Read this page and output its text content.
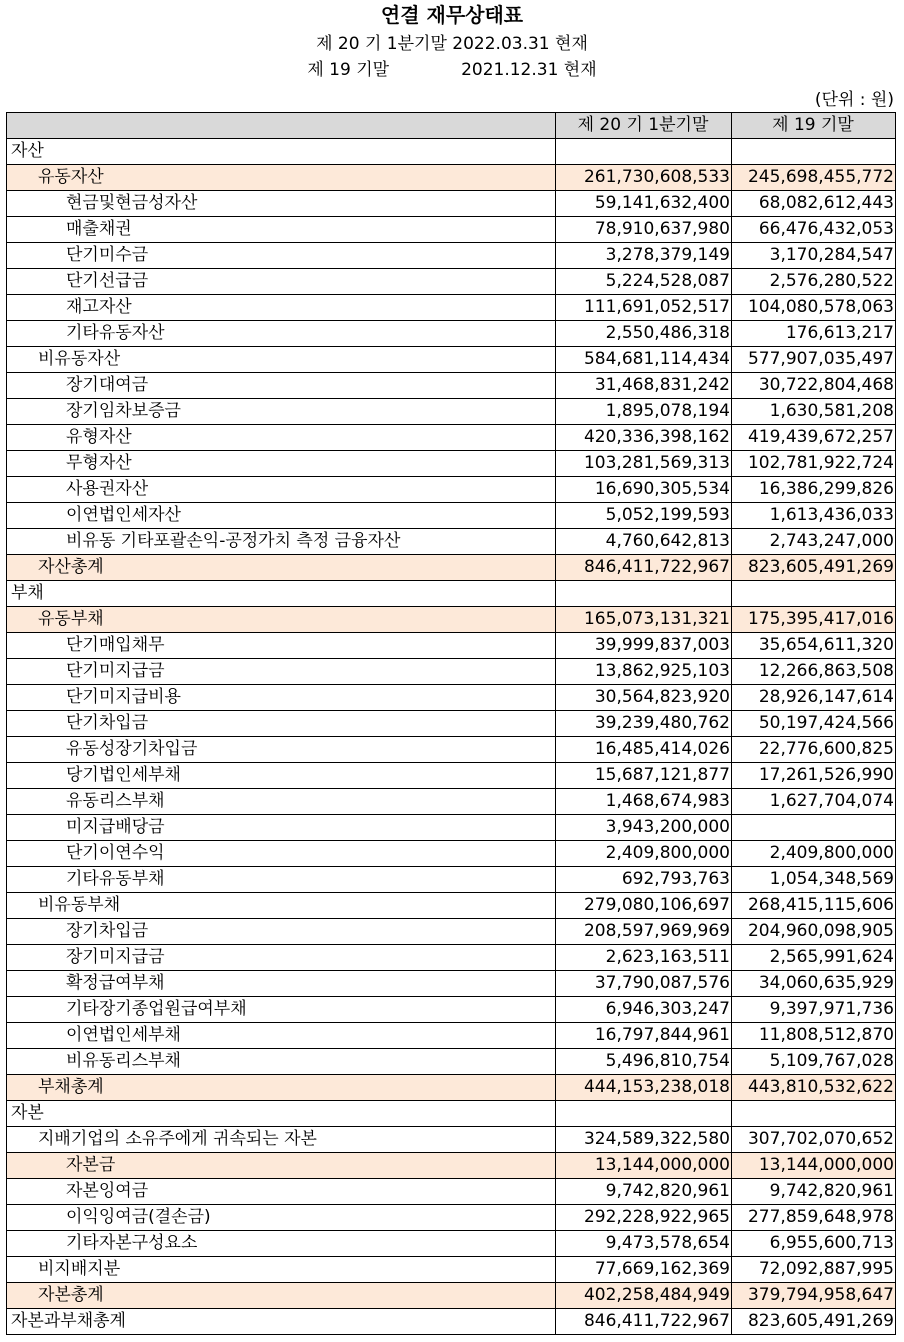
연결 재무상태표
제 20 기 1분기말 2022.03.31 현재
제 19 기말	2021.12.31 현재
(단위 : 원)
	제 20 기 1분기말	제 19 기말
자산		
유동자산	261,730,608,533	245,698,455,772
현금및현금성자산	59,141,632,400	68,082,612,443
매출채권	78,910,637,980	66,476,432,053
단기미수금	3,278,379,149	3,170,284,547
단기선급금	5,224,528,087	2,576,280,522
재고자산	111,691,052,517	104,080,578,063
기타유동자산	2,550,486,318	176,613,217
비유동자산	584,681,114,434	577,907,035,497
장기대여금	31,468,831,242	30,722,804,468
장기임차보증금	1,895,078,194	1,630,581,208
유형자산	420,336,398,162	419,439,672,257
무형자산	103,281,569,313	102,781,922,724
사용권자산	16,690,305,534	16,386,299,826
이연법인세자산	5,052,199,593	1,613,436,033
비유동 기타포괄손익-공정가치 측정 금융자산	4,760,642,813	2,743,247,000
자산총계	846,411,722,967	823,605,491,269
부채		
유동부채	165,073,131,321	175,395,417,016
단기매입채무	39,999,837,003	35,654,611,320
단기미지급금	13,862,925,103	12,266,863,508
단기미지급비용	30,564,823,920	28,926,147,614
단기차입금	39,239,480,762	50,197,424,566
유동성장기차입금	16,485,414,026	22,776,600,825
당기법인세부채	15,687,121,877	17,261,526,990
유동리스부채	1,468,674,983	1,627,704,074
미지급배당금	3,943,200,000	
단기이연수익	2,409,800,000	2,409,800,000
기타유동부채	692,793,763	1,054,348,569
비유동부채	279,080,106,697	268,415,115,606
장기차입금	208,597,969,969	204,960,098,905
장기미지급금	2,623,163,511	2,565,991,624
확정급여부채	37,790,087,576	34,060,635,929
기타장기종업원급여부채	6,946,303,247	9,397,971,736
이연법인세부채	16,797,844,961	11,808,512,870
비유동리스부채	5,496,810,754	5,109,767,028
부채총계	444,153,238,018	443,810,532,622
자본		
지배기업의 소유주에게 귀속되는 자본	324,589,322,580	307,702,070,652
자본금	13,144,000,000	13,144,000,000
자본잉여금	9,742,820,961	9,742,820,961
이익잉여금(결손금)	292,228,922,965	277,859,648,978
기타자본구성요소	9,473,578,654	6,955,600,713
비지배지분	77,669,162,369	72,092,887,995
자본총계	402,258,484,949	379,794,958,647
자본과부채총계	846,411,722,967	823,605,491,269
